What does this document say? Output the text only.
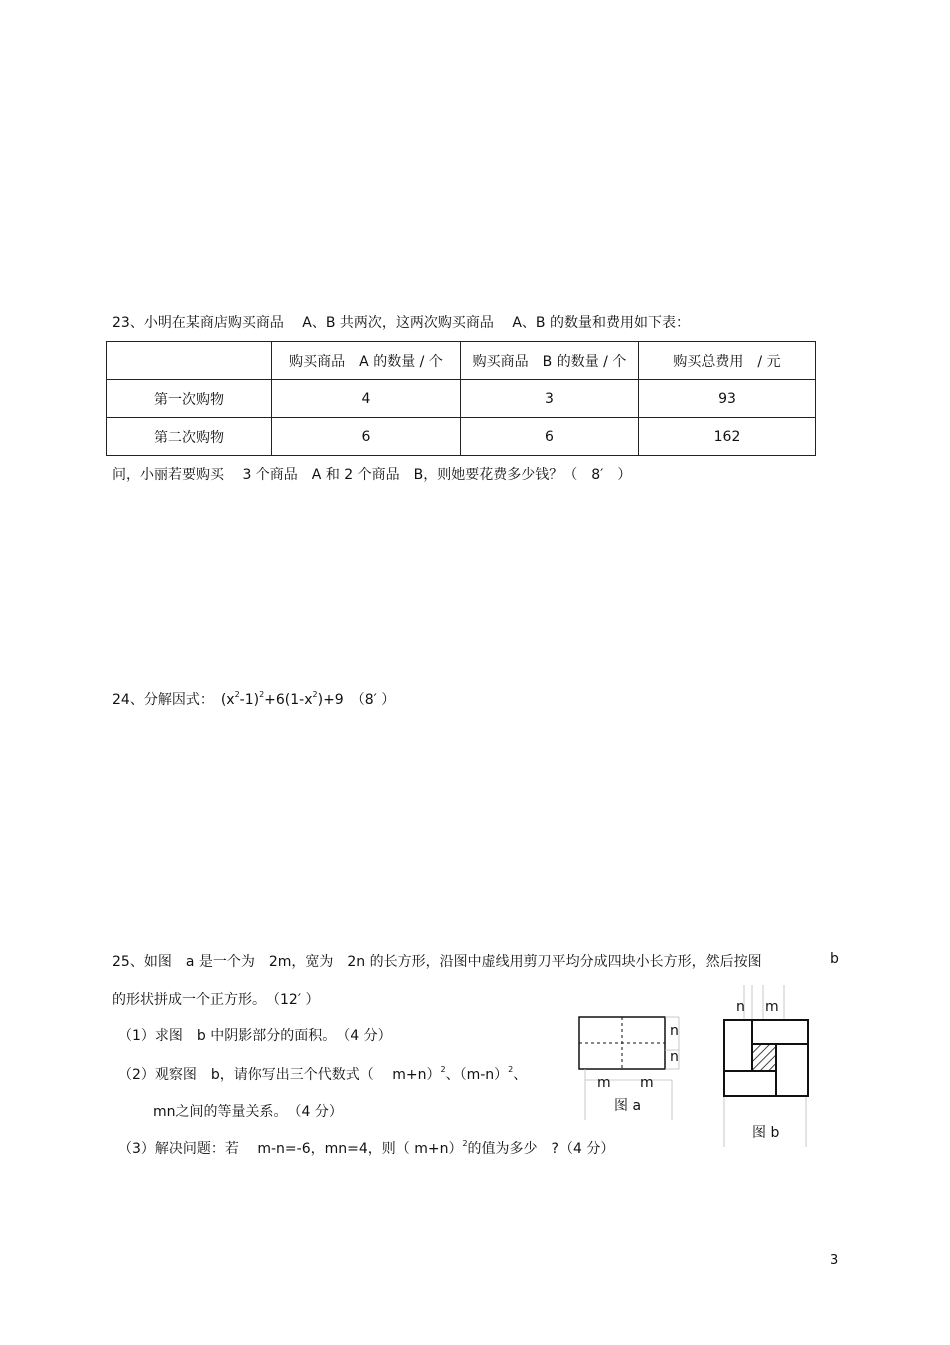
23、小明在某商店购买商品　 A、B 共两次，这两次购买商品　 A、B 的数量和费用如下表：
	购买商品　A 的数量 / 个	购买商品　B 的数量 / 个	购买总费用　/ 元
第一次购物	4	3	93
第二次购物	6	6	162
问，小丽若要购买　 3 个商品　A 和 2 个商品　B，则她要花费多少钱？（　8′　）
24、分解因式：　$(x^2-1)^2+6(1-x^2)+9$　（8′ ）
25、如图　a 是一个为　2m，宽为　2n 的长方形，沿图中虚线用剪刀平均分成四块小长方形，然后按图	b
的形状拼成一个正方形。　（12′ ）
（1）求图　b 中阴影部分的面积。　（4 分）
（2）观察图　b，请你写出三个代数式（　 m+n）$^2$、$(m-n)^2$、
mn之间的等量关系。　（4 分）
（3）解决问题：若　 m-n=-6，mn=4，则（ m+n）$^2$的值为多少　?（4 分）
n
n
m m
图 a
n m
图 b
3
